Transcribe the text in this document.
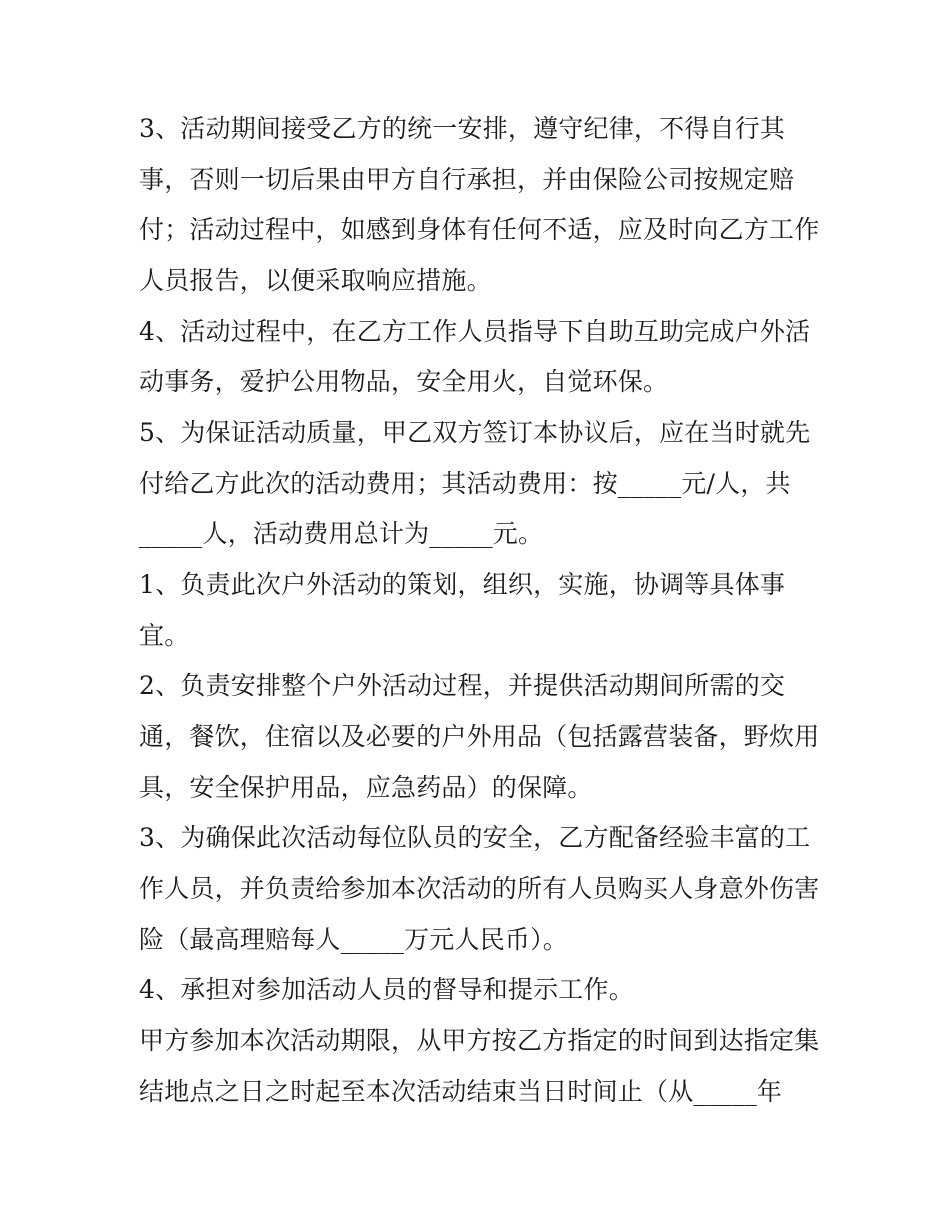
3、活动期间接受乙方的统一安排，遵守纪律，不得自行其
事，否则一切后果由甲方自行承担，并由保险公司按规定赔
付；活动过程中，如感到身体有任何不适，应及时向乙方工作
人员报告，以便采取响应措施。
4、活动过程中，在乙方工作人员指导下自助互助完成户外活
动事务，爱护公用物品，安全用火，自觉环保。
5、为保证活动质量，甲乙双方签订本协议后，应在当时就先
付给乙方此次的活动费用；其活动费用：按_____元/人，共
_____人，活动费用总计为_____元。
1、负责此次户外活动的策划，组织，实施，协调等具体事
宜。
2、负责安排整个户外活动过程，并提供活动期间所需的交
通，餐饮，住宿以及必要的户外用品（包括露营装备，野炊用
具，安全保护用品，应急药品）的保障。
3、为确保此次活动每位队员的安全，乙方配备经验丰富的工
作人员，并负责给参加本次活动的所有人员购买人身意外伤害
险（最高理赔每人_____万元人民币）。
4、承担对参加活动人员的督导和提示工作。
甲方参加本次活动期限，从甲方按乙方指定的时间到达指定集
结地点之日之时起至本次活动结束当日时间止（从_____年
